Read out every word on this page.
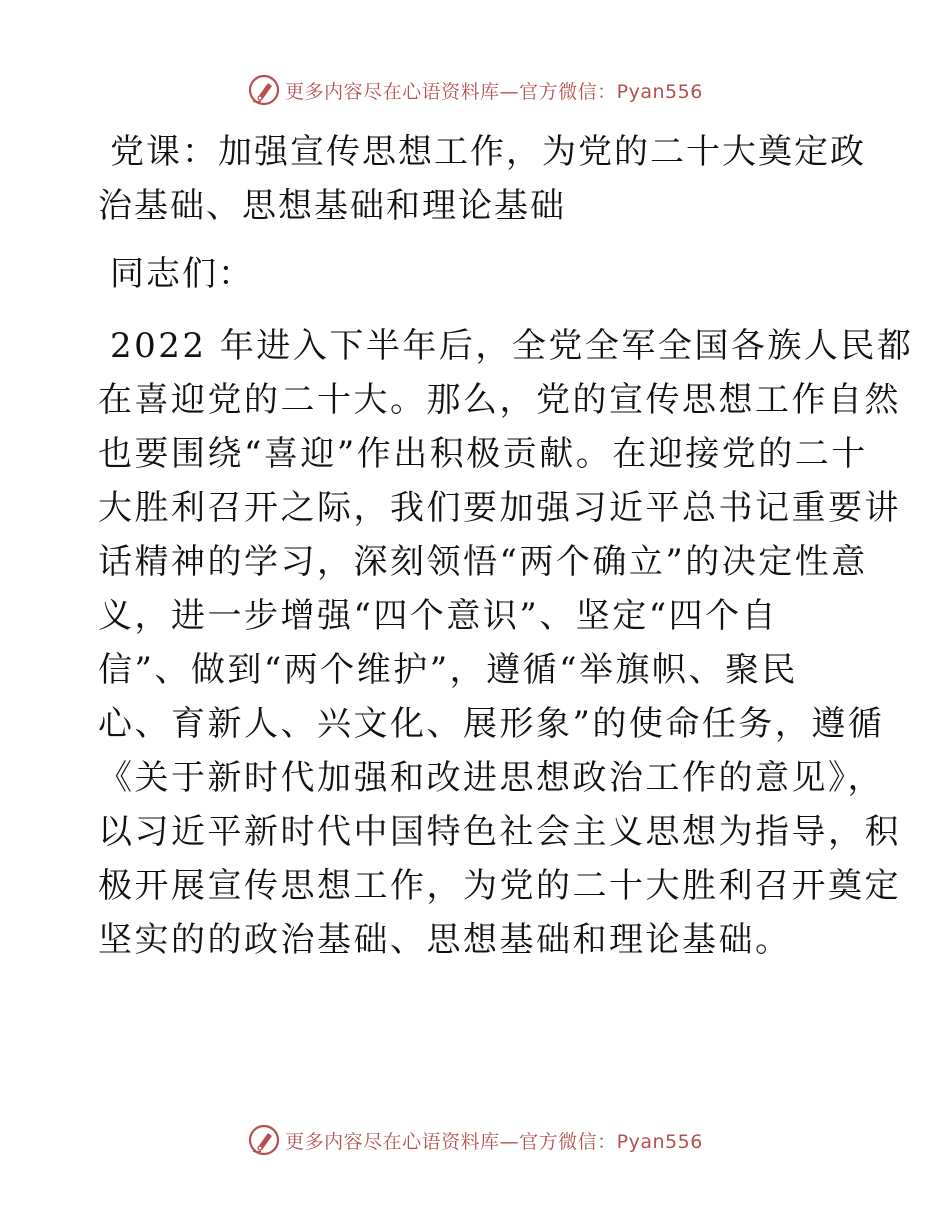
更多内容尽在心语资料库—官方微信：Pyan556
党课：加强宣传思想工作，为党的二十大奠定政
治基础、思想基础和理论基础

同志们：

2022 年进入下半年后，全党全军全国各族人民都
在喜迎党的二十大。那么，党的宣传思想工作自然
也要围绕“喜迎”作出积极贡献。在迎接党的二十
大胜利召开之际，我们要加强习近平总书记重要讲
话精神的学习，深刻领悟“两个确立”的决定性意
义，进一步增强“四个意识”、坚定“四个自
信”、做到“两个维护”，遵循“举旗帜、聚民
心、育新人、兴文化、展形象”的使命任务，遵循
《关于新时代加强和改进思想政治工作的意见》，
以习近平新时代中国特色社会主义思想为指导，积
极开展宣传思想工作，为党的二十大胜利召开奠定
坚实的的政治基础、思想基础和理论基础。
更多内容尽在心语资料库—官方微信：Pyan556
